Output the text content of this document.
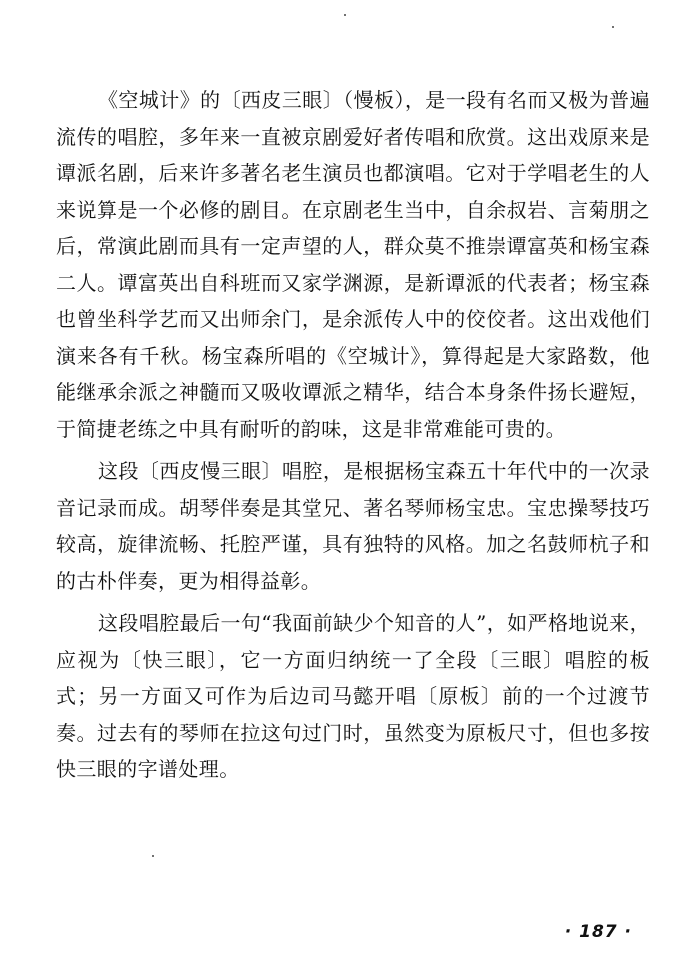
《空城计》的〔西皮三眼〕（慢板），是一段有名而又极为普遍流传的唱腔，多年来一直被京剧爱好者传唱和欣赏。这出戏原来是谭派名剧，后来许多著名老生演员也都演唱。它对于学唱老生的人来说算是一个必修的剧目。在京剧老生当中，自余叔岩、言菊朋之后，常演此剧而具有一定声望的人，群众莫不推崇谭富英和杨宝森二人。谭富英出自科班而又家学渊源，是新谭派的代表者；杨宝森也曾坐科学艺而又出师余门，是余派传人中的佼佼者。这出戏他们演来各有千秋。杨宝森所唱的《空城计》，算得起是大家路数，他能继承余派之神髓而又吸收谭派之精华，结合本身条件扬长避短，于简捷老练之中具有耐听的韵味，这是非常难能可贵的。

这段〔西皮慢三眼〕唱腔，是根据杨宝森五十年代中的一次录音记录而成。胡琴伴奏是其堂兄、著名琴师杨宝忠。宝忠操琴技巧较高，旋律流畅、托腔严谨，具有独特的风格。加之名鼓师杭子和的古朴伴奏，更为相得益彰。

这段唱腔最后一句“我面前缺少个知音的人”，如严格地说来，应视为〔快三眼〕，它一方面归纳统一了全段〔三眼〕唱腔的板式；另一方面又可作为后边司马懿开唱〔原板〕前的一个过渡节奏。过去有的琴师在拉这句过门时，虽然变为原板尺寸，但也多按快三眼的字谱处理。

· 187 ·
